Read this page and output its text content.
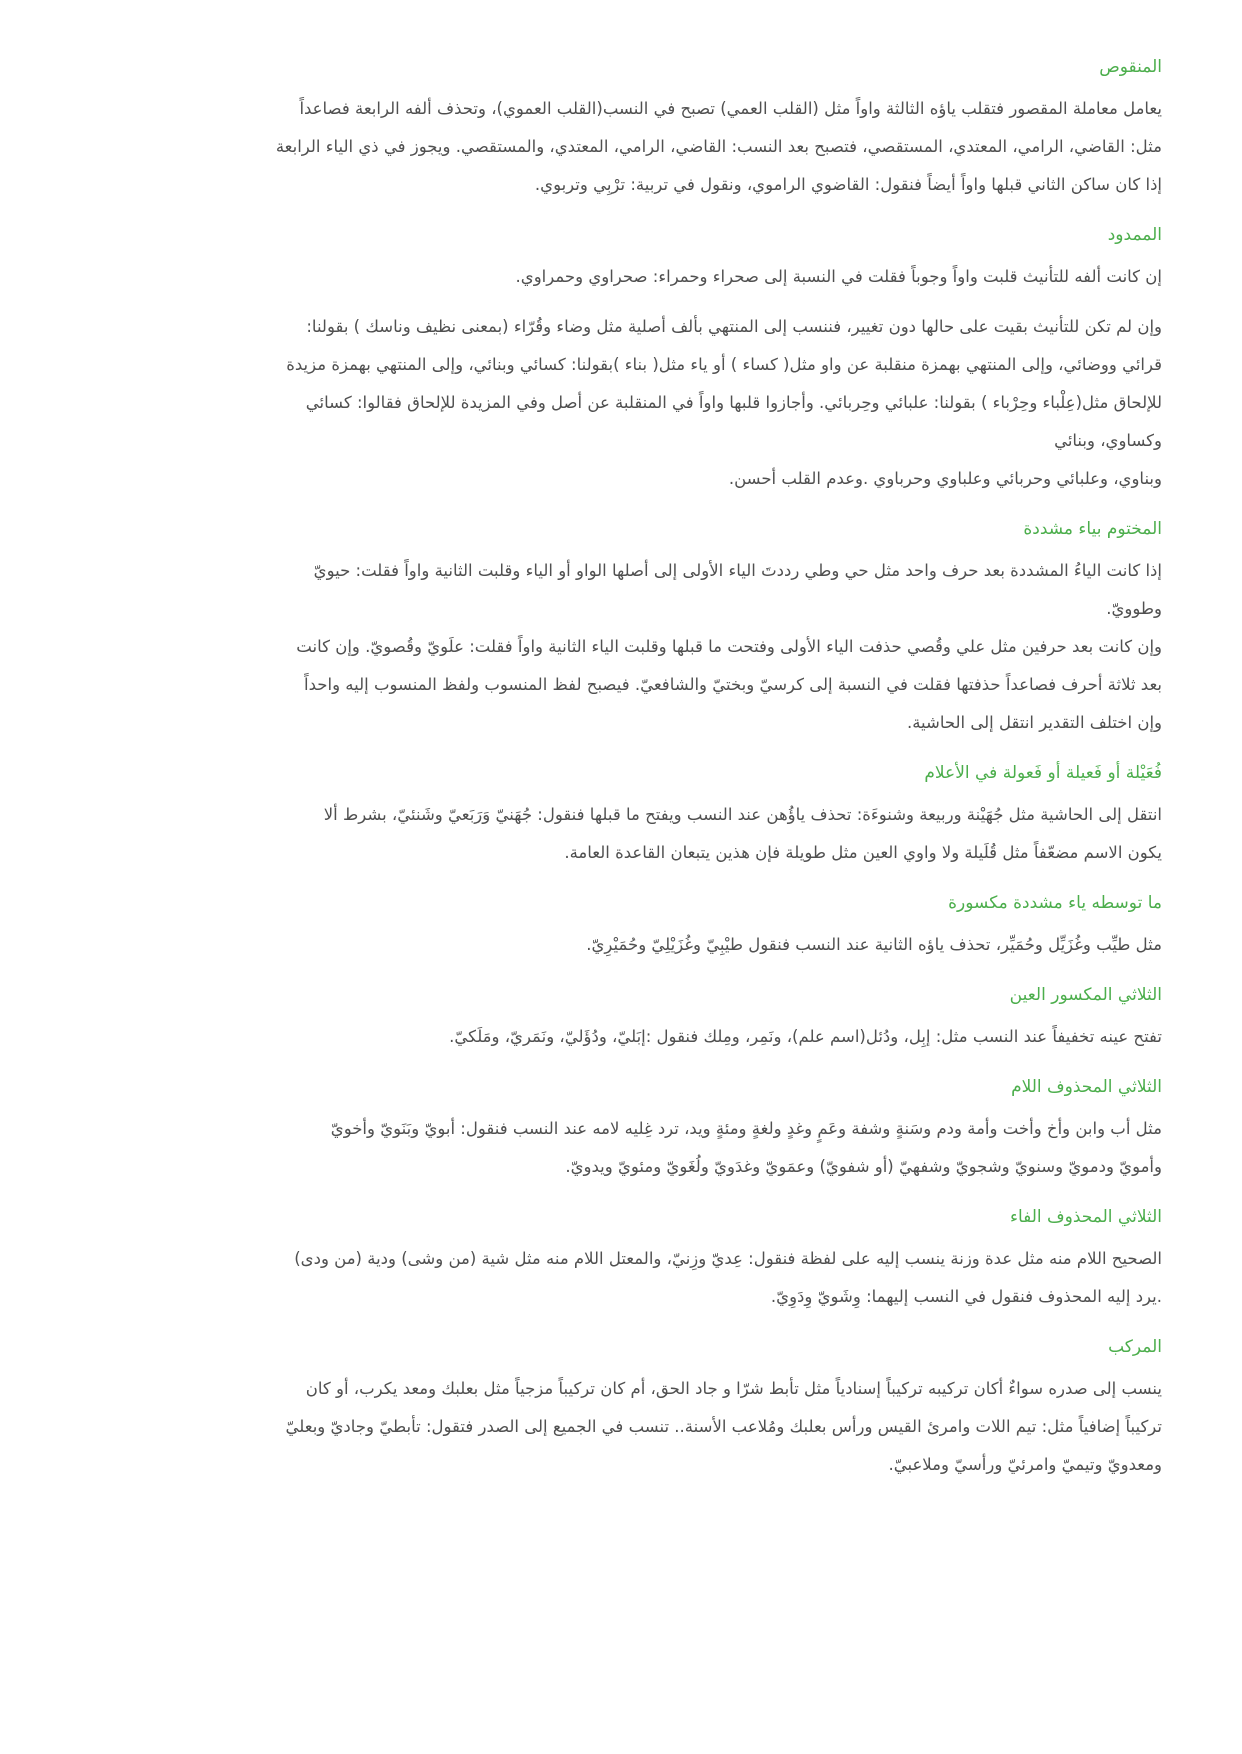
المنقوص
يعامل معاملة المقصور فتقلب ياؤه الثالثة واواً مثل (القلب العمي) تصبح في النسب(القلب العموي)، وتحذف ألفه الرابعة فصاعداً
مثل: القاضي، الرامي، المعتدي، المستقصي، فتصبح بعد النسب: القاضي، الرامي، المعتدي، والمستقصي. ويجوز في ذي الياء الرابعة
إذا كان ساكن الثاني قبلها واواً أيضاً فنقول: القاضوي الراموي، ونقول في تربية: ترْبِي وتربوي.
الممدود
إن كانت ألفه للتأنيث قلبت واواً وجوباً فقلت في النسبة إلى صحراء وحمراء: صحراوي وحمراوي.
وإن لم تكن للتأنيث بقيت على حالها دون تغيير، فننسب إلى المنتهي بألف أصلية مثل وضاء وقُرّاء (بمعنى نظيف وناسك ) بقولنا:
قرائي ووضائي، وإلى المنتهي بهمزة منقلبة عن واو مثل( كساء ) أو ياء مثل( بناء )بقولنا: كسائي وبنائي، وإلى المنتهي بهمزة مزيدة
للإلحاق مثل(عِلْباء وحِرْباء ) بقولنا: علبائي وحِربائي. وأجازوا قلبها واواً في المنقلبة عن أصل وفي المزيدة للإلحاق فقالوا: كسائي
وكساوي، وبنائي
وبناوي، وعلبائي وحربائي وعلباوي وحرباوي .وعدم القلب أحسن.
المختوم بياء مشددة
إذا كانت الياءُ المشددة بعد حرف واحد مثل حي وطي رددتَ الياء الأولى إلى أصلها الواو أو الياء وقلبت الثانية واواً فقلت: حيويّ
وطوويّ.
وإن كانت بعد حرفين مثل علي وقُصي حذفت الياء الأولى وفتحت ما قبلها وقلبت الياء الثانية واواً فقلت: علَويّ وقُصويّ. وإن كانت
بعد ثلاثة أحرف فصاعداً حذفتها فقلت في النسبة إلى كرسيّ وبختيّ والشافعيّ. فيصبح لفظ المنسوب ولفظ المنسوب إليه واحداً
وإن اختلف التقدير انتقل إلى الحاشية.
فُعَيْلة أو فَعيلة أو فَعولة في الأعلام
انتقل إلى الحاشية مثل جُهَيْنة وربيعة وشنوءَة: تحذف ياؤُهن عند النسب ويفتح ما قبلها فنقول: جُهَنيّ وَرَبَعيّ وشَنئيّ، بشرط ألا
يكون الاسم مضعّفاً مثل قُلَيلة ولا واوي العين مثل طويلة فإن هذين يتبعان القاعدة العامة.
ما توسطه ياء مشددة مكسورة
مثل طيِّب وغُزَيِّل وحُمَيِّر، تحذف ياؤه الثانية عند النسب فنقول طيْبِيّ وغُزَيْلِيّ وحُمَيْرِيّ.
الثلاثي المكسور العين
تفتح عينه تخفيفاً عند النسب مثل: إبِل، ودُئل(اسم علم)، ونَمِر، ومِلك فنقول :إبَليّ، ودُؤَليّ، ونَمَريّ، ومَلَكيّ.
الثلاثي المحذوف اللام
مثل أب وابن وأخ وأخت وأمة ودم وسَنةٍ وشفة وعَمٍ وغدٍ ولغةٍ ومئةٍ ويد، ترد غِليه لامه عند النسب فنقول: أبويّ وبَنَويّ وأخويّ
وأمويّ ودمويّ وسنويّ وشجويّ وشفهيّ (أو شفويّ) وعمَويّ وغدَويّ ولُغَويّ ومئويّ ويدويّ.
الثلاثي المحذوف الفاء
الصحيح اللام منه مثل عدة وزنة ينسب إليه على لفظة فنقول: عِديّ وزِنيّ، والمعتل اللام منه مثل شية (من وشى) ودية (من ودى)
.يرد إليه المحذوف فنقول في النسب إليهما: وِشَويّ وِدَوِيّ.
المركب
ينسب إلى صدره سواءٌ أكان تركيبه تركيباً إسنادياً مثل تأبط شرّا و جاد الحق، أم كان تركيباً مزجياً مثل بعلبك ومعد يكرب، أو كان
تركيباً إضافياً مثل: تيم اللات وامرئ القيس ورأس بعلبك ومُلاعب الأسنة.. تنسب في الجميع إلى الصدر فتقول: تأبطيّ وجاديّ وبعليّ
ومعدويّ وتيميّ وامرئيّ ورأسيّ وملاعبيّ.
